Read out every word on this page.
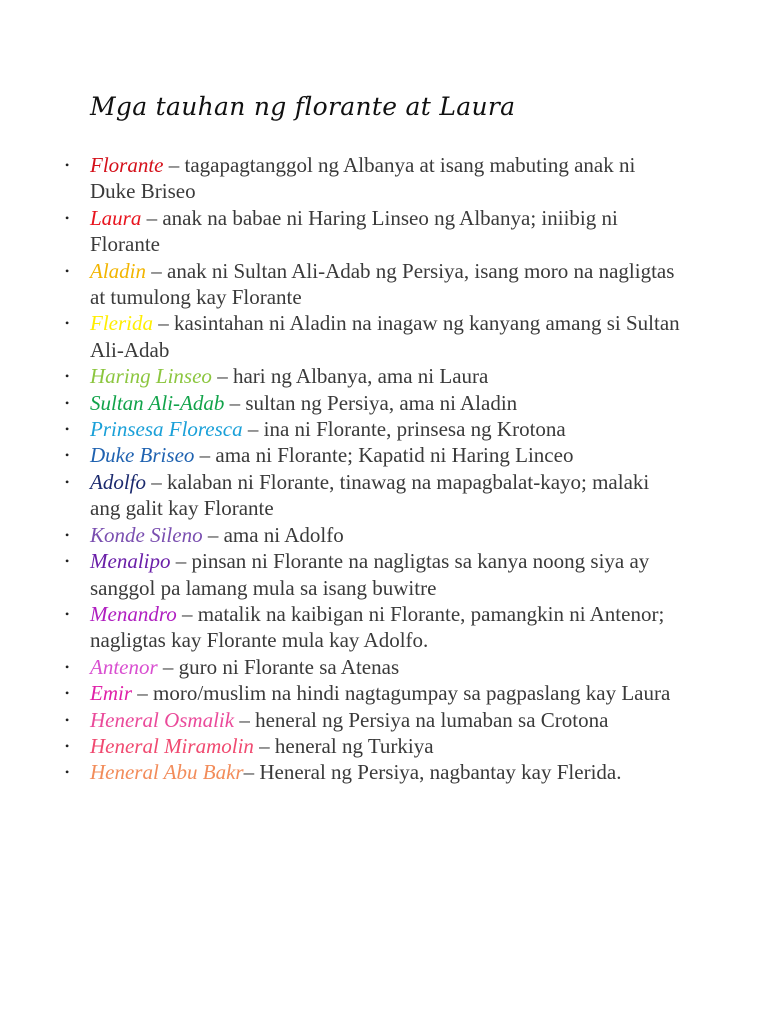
Mga tauhan ng florante at Laura
• Florante – tagapagtanggol ng Albanya at isang mabuting anak ni Duke Briseo
• Laura – anak na babae ni Haring Linseo ng Albanya; iniibig ni Florante
• Aladin – anak ni Sultan Ali-Adab ng Persiya, isang moro na nagligtas at tumulong kay Florante
• Flerida – kasintahan ni Aladin na inagaw ng kanyang amang si Sultan Ali-Adab
• Haring Linseo – hari ng Albanya, ama ni Laura
• Sultan Ali-Adab – sultan ng Persiya, ama ni Aladin
• Prinsesa Floresca – ina ni Florante, prinsesa ng Krotona
• Duke Briseo – ama ni Florante; Kapatid ni Haring Linceo
• Adolfo – kalaban ni Florante, tinawag na mapagbalat-kayo; malaki ang galit kay Florante
• Konde Sileno – ama ni Adolfo
• Menalipo – pinsan ni Florante na nagligtas sa kanya noong siya ay sanggol pa lamang mula sa isang buwitre
• Menandro – matalik na kaibigan ni Florante, pamangkin ni Antenor; nagligtas kay Florante mula kay Adolfo.
• Antenor – guro ni Florante sa Atenas
• Emir – moro/muslim na hindi nagtagumpay sa pagpaslang kay Laura
• Heneral Osmalik – heneral ng Persiya na lumaban sa Crotona
• Heneral Miramolin – heneral ng Turkiya
• Heneral Abu Bakr– Heneral ng Persiya, nagbantay kay Flerida.
